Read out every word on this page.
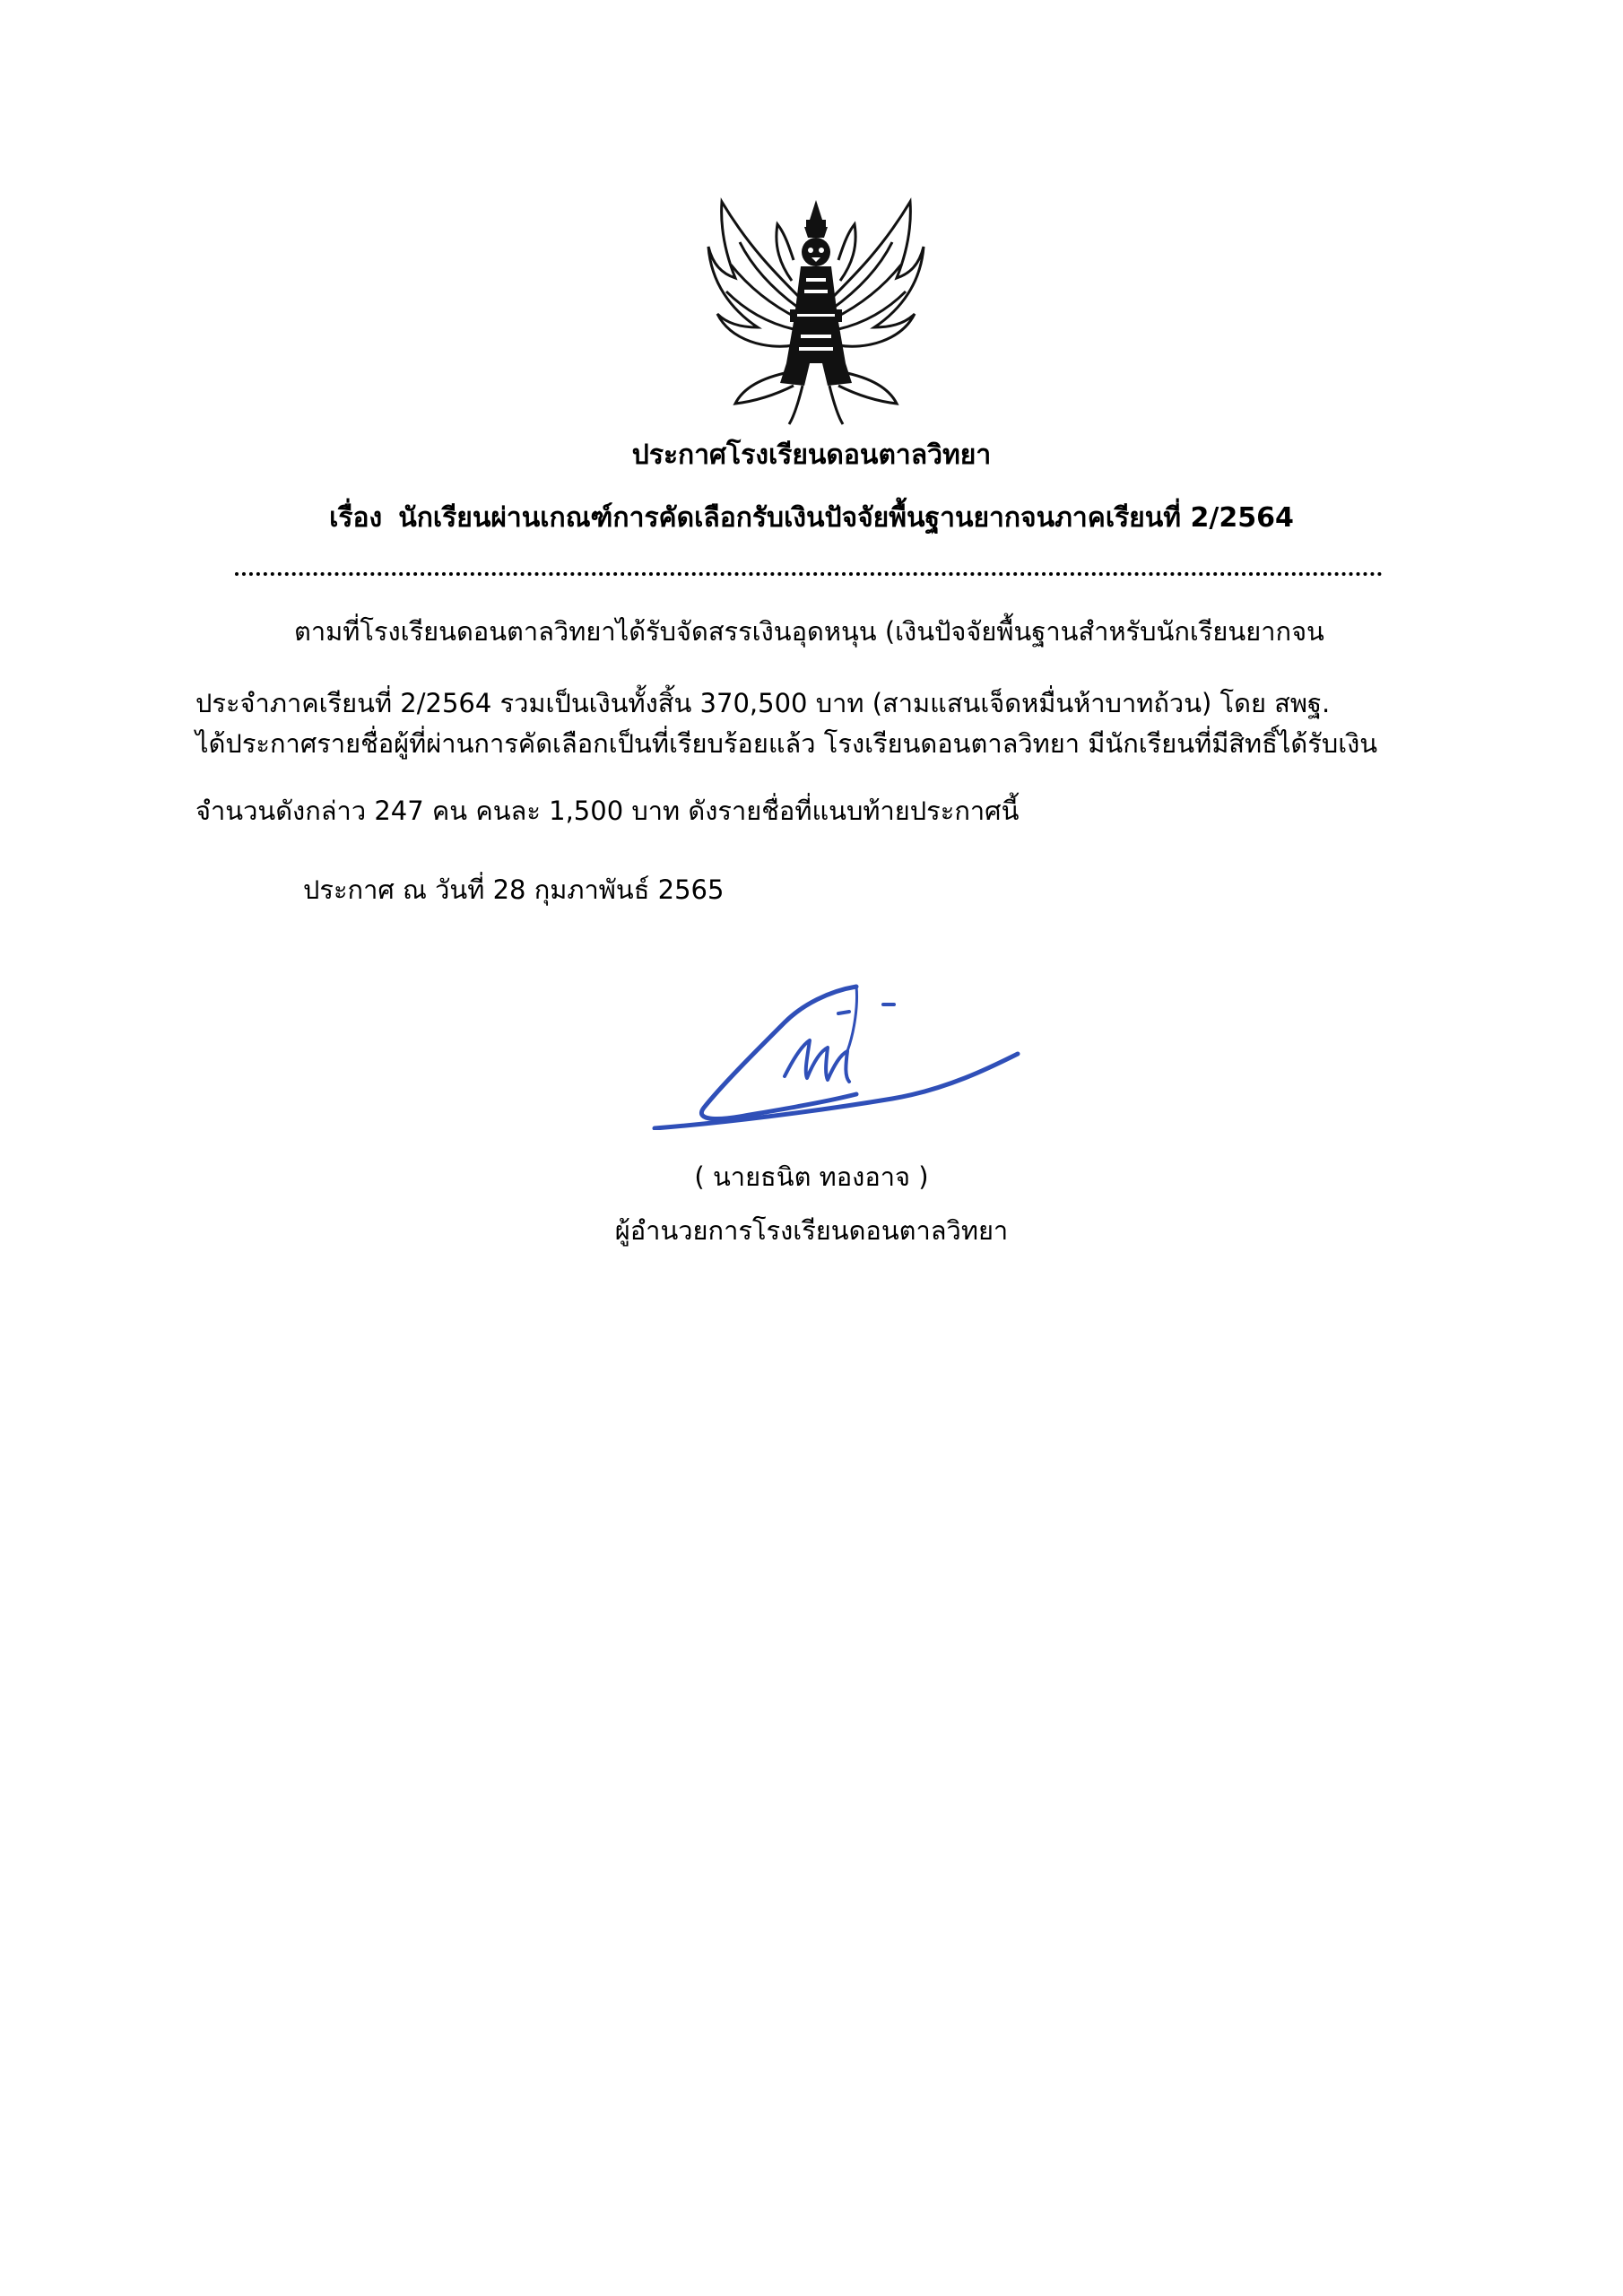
ประกาศโรงเรียนดอนตาลวิทยา
เรื่อง นักเรียนผ่านเกณฑ์การคัดเลือกรับเงินปัจจัยพื้นฐานยากจนภาคเรียนที่ 2/2564
ตามที่โรงเรียนดอนตาลวิทยาได้รับจัดสรรเงินอุดหนุน (เงินปัจจัยพื้นฐานสำหรับนักเรียนยากจน
ประจำภาคเรียนที่ 2/2564 รวมเป็นเงินทั้งสิ้น 370,500 บาท (สามแสนเจ็ดหมื่นห้าบาทถ้วน) โดย สพฐ.
ได้ประกาศรายชื่อผู้ที่ผ่านการคัดเลือกเป็นที่เรียบร้อยแล้ว โรงเรียนดอนตาลวิทยา มีนักเรียนที่มีสิทธิ์ได้รับเงิน
จำนวนดังกล่าว 247 คน คนละ 1,500 บาท ดังรายชื่อที่แนบท้ายประกาศนี้
ประกาศ ณ วันที่ 28 กุมภาพันธ์ 2565
( นายธนิต ทองอาจ )
ผู้อำนวยการโรงเรียนดอนตาลวิทยา
